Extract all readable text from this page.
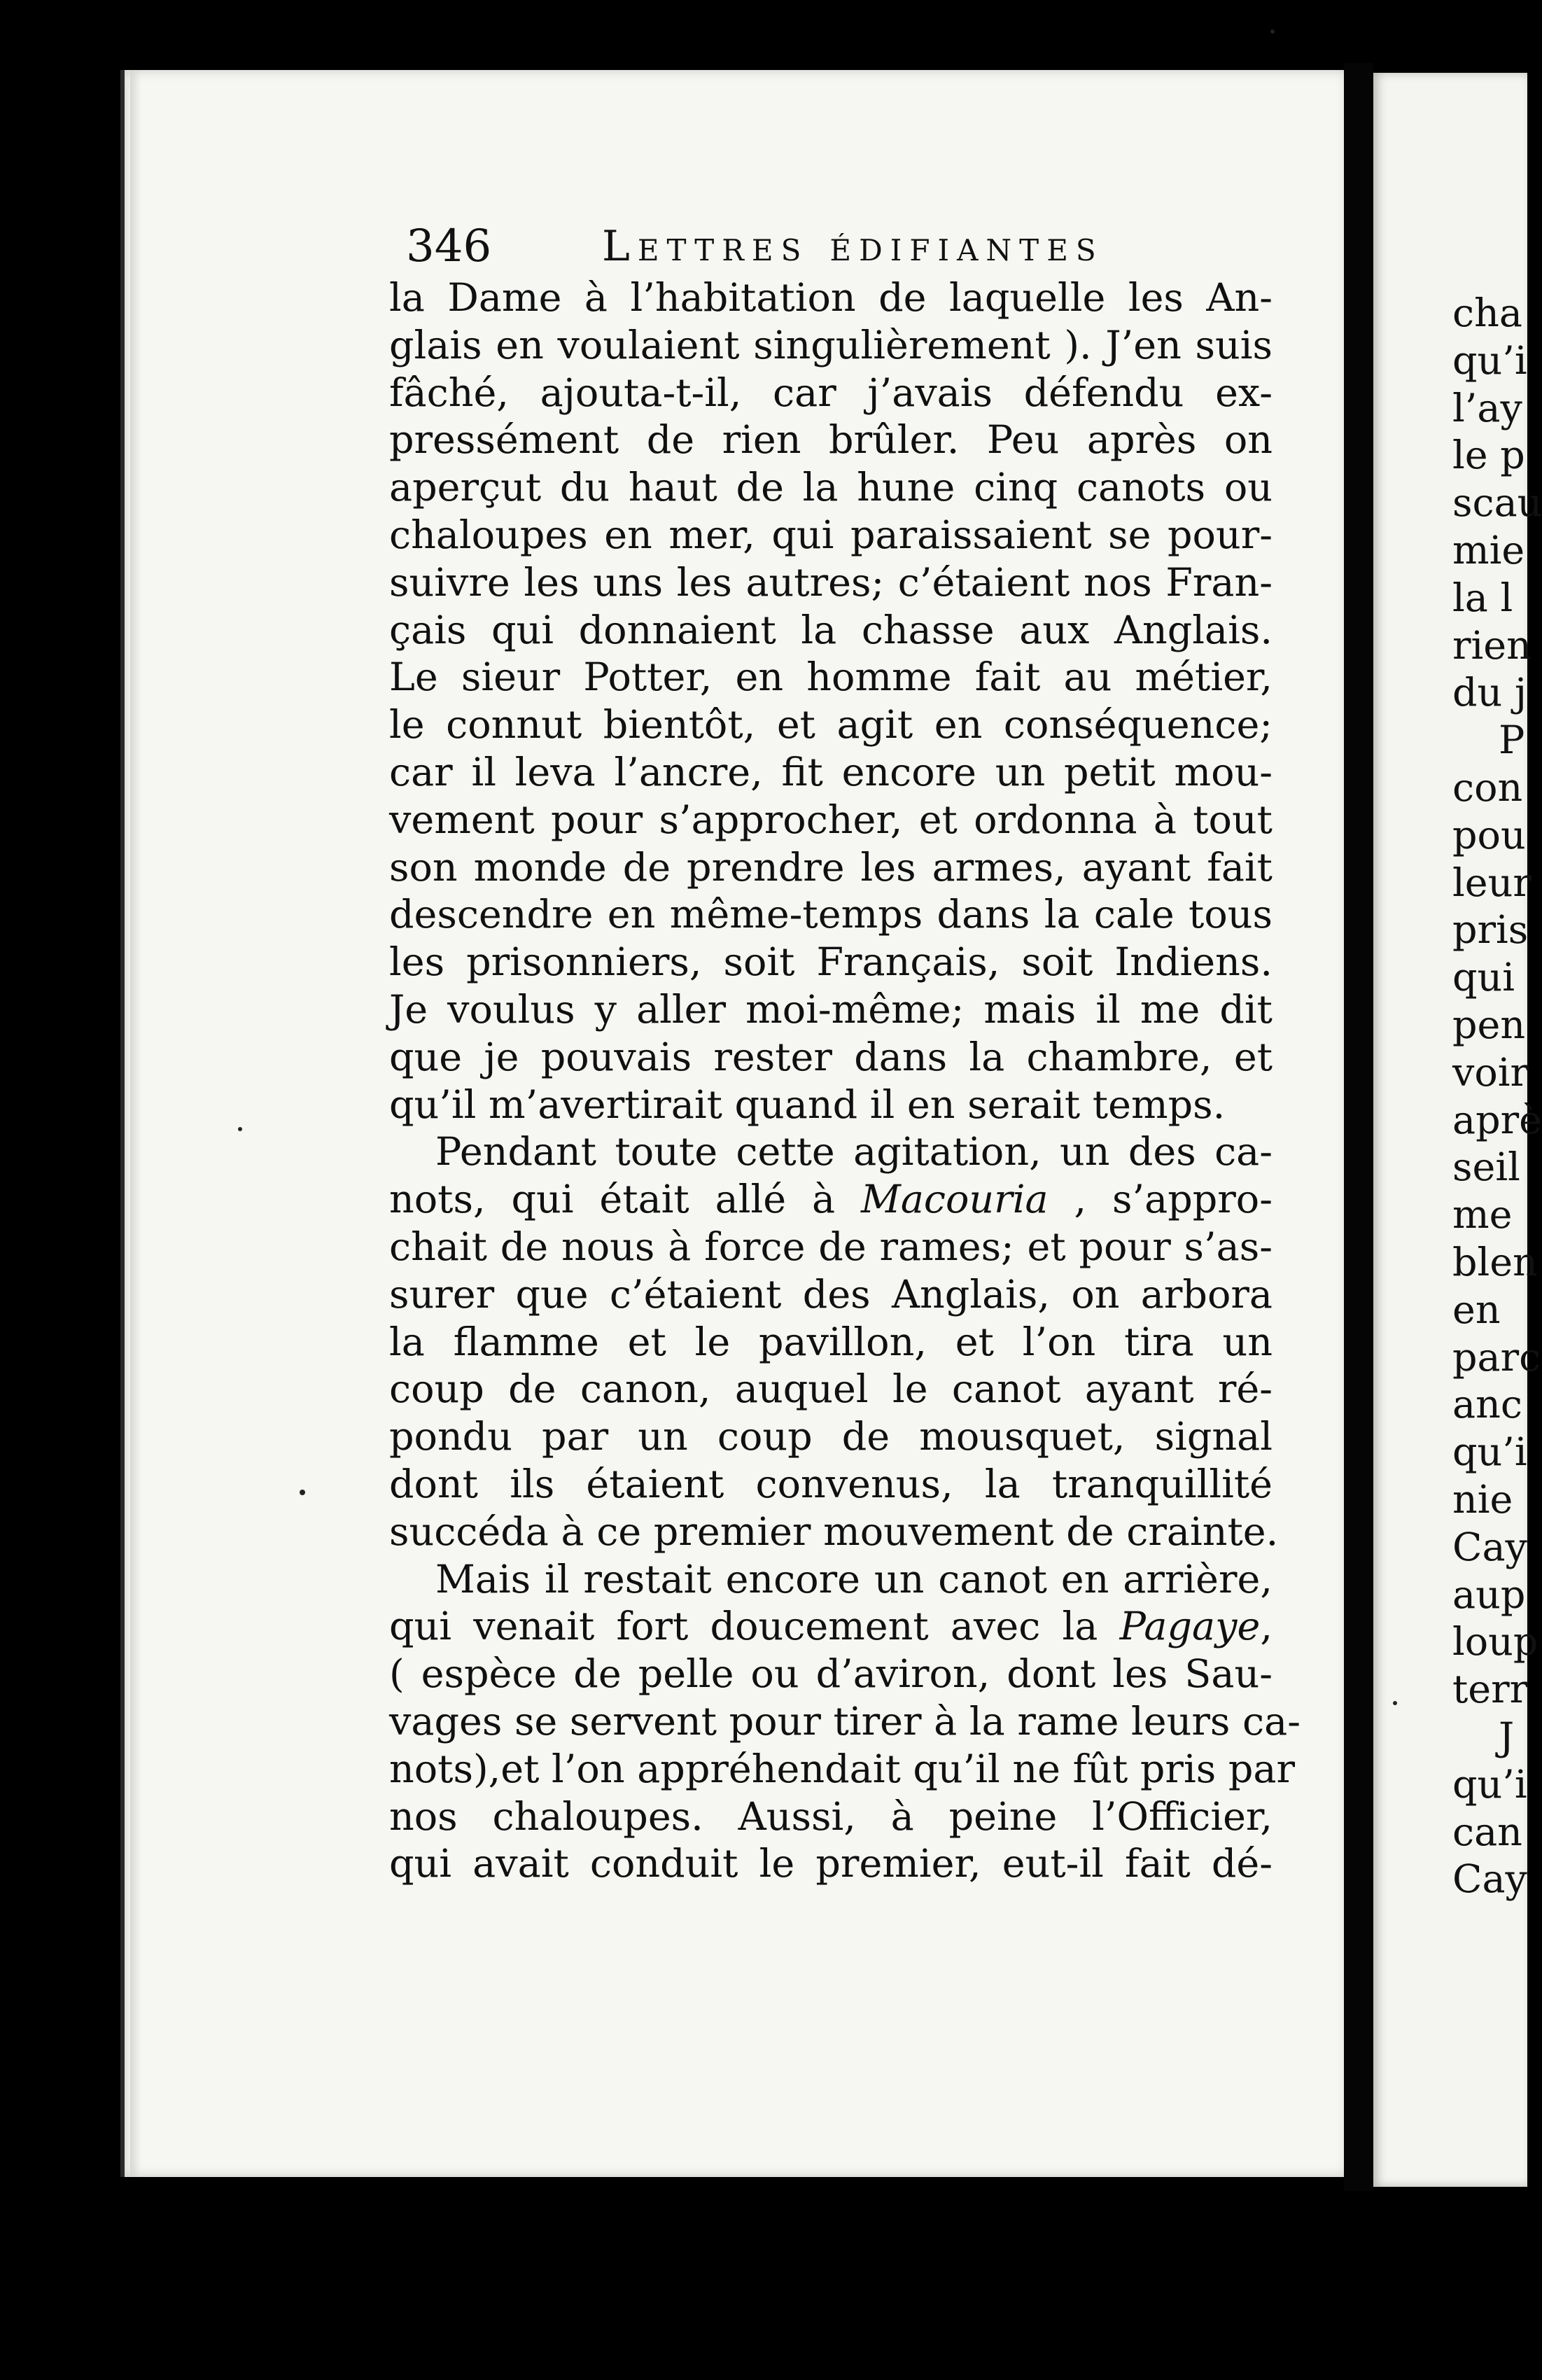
346	Lettres édifiantes
la Dame à l’habitation de laquelle les An-
glais en voulaient singulièrement ). J’en suis
fâché, ajouta-t-il, car j’avais défendu ex-
pressément de rien brûler. Peu après on
aperçut du haut de la hune cinq canots ou
chaloupes en mer, qui paraissaient se pour-
suivre les uns les autres; c’étaient nos Fran-
çais qui donnaient la chasse aux Anglais.
Le sieur Potter, en homme fait au métier,
le connut bientôt, et agit en conséquence;
car il leva l’ancre, fit encore un petit mou-
vement pour s’approcher, et ordonna à tout
son monde de prendre les armes, ayant fait
descendre en même-temps dans la cale tous
les prisonniers, soit Français, soit Indiens.
Je voulus y aller moi-même; mais il me dit
que je pouvais rester dans la chambre, et
qu’il m’avertirait quand il en serait temps.
Pendant toute cette agitation, un des ca-
nots, qui était allé à Macouria , s’appro-
chait de nous à force de rames; et pour s’as-
surer que c’étaient des Anglais, on arbora
la flamme et le pavillon, et l’on tira un
coup de canon, auquel le canot ayant ré-
pondu par un coup de mousquet, signal
dont ils étaient convenus, la tranquillité
succéda à ce premier mouvement de crainte.
Mais il restait encore un canot en arrière,
qui venait fort doucement avec la Pagaye,
( espèce de pelle ou d’aviron, dont les Sau-
vages se servent pour tirer à la rame leurs ca-
nots),et l’on appréhendait qu’il ne fût pris par
nos chaloupes. Aussi, à peine l’Officier,
qui avait conduit le premier, eut-il fait dé-
cha
qu’i
l’ay
le p
scau
mie
la l
rien
du j
P
con
pou
leur
pris
qui
pen
voir
aprè
seil
me
blen
en
parc
anc
qu’i
nie
Cay
aup
loup
terr
J
qu’i
can
Cay
